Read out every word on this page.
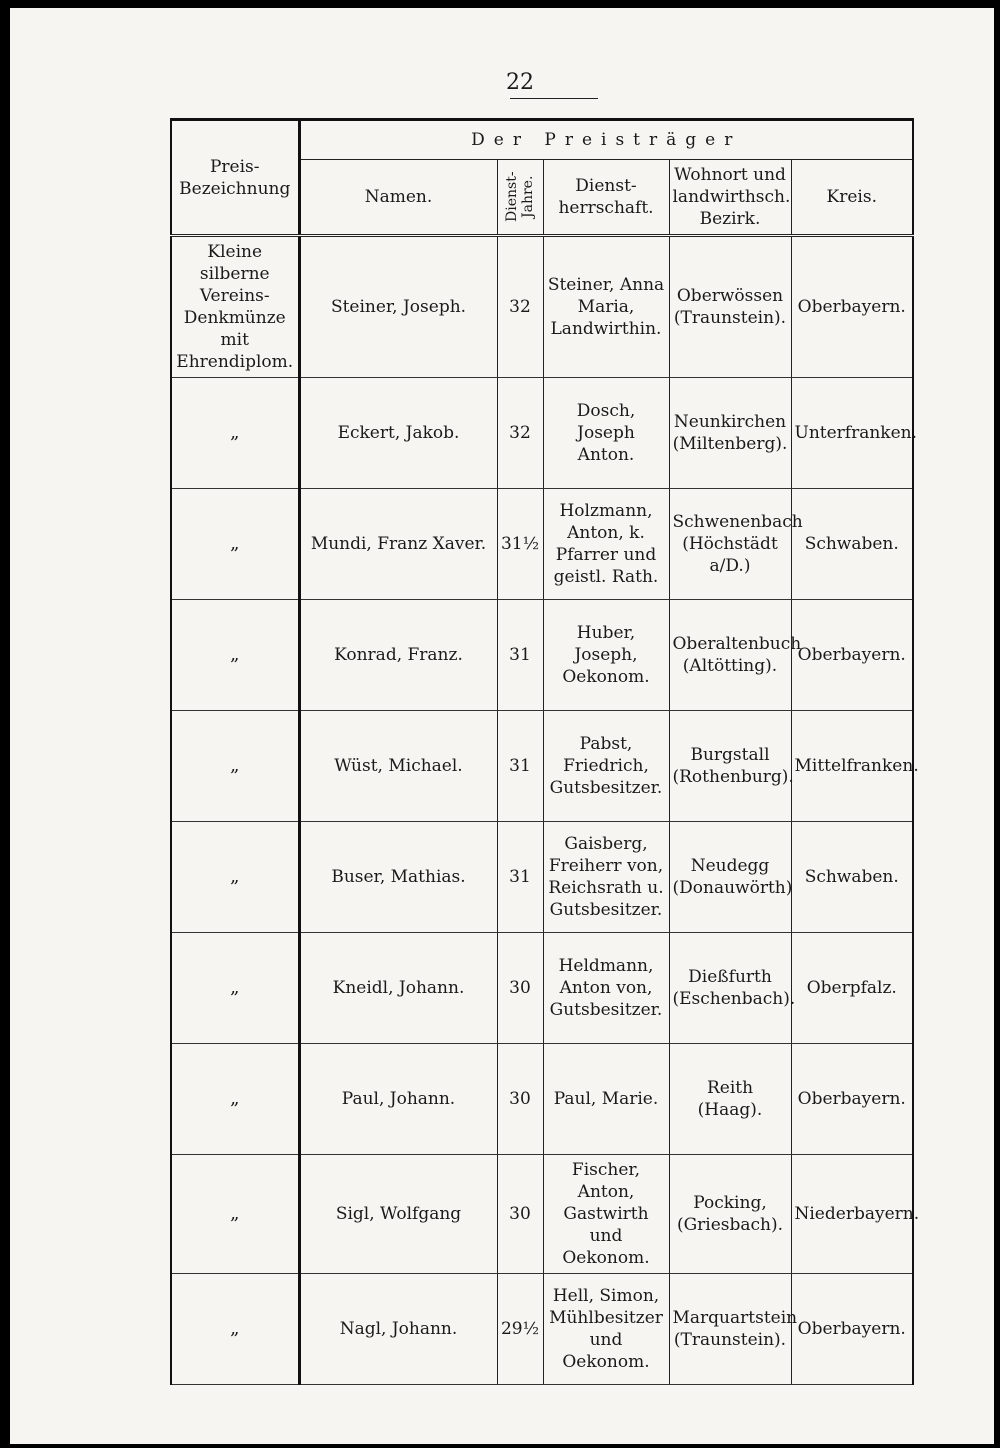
22
Preis-Bezeichnung	Der Preisträger				
	Namen.	Dienst-Jahre.	Dienst-herrschaft.	Wohnort und landwirthsch. Bezirk.	Kreis.
Kleine silberne Vereins-Denkmünze mit Ehrendiplom.	Steiner, Joseph.	32	Steiner, Anna Maria, Landwirthin.	Oberwössen (Traunstein).	Oberbayern.
„	Eckert, Jakob.	32	Dosch, Joseph Anton.	Neunkirchen (Miltenberg).	Unterfranken.
„	Mundi, Franz Xaver.	31½	Holzmann, Anton, k. Pfarrer und geistl. Rath.	Schwenenbach (Höchstädt a/D.)	Schwaben.
„	Konrad, Franz.	31	Huber, Joseph, Oekonom.	Oberaltenbuch (Altötting).	Oberbayern.
„	Wüst, Michael.	31	Pabst, Friedrich, Gutsbesitzer.	Burgstall (Rothenburg).	Mittelfranken.
„	Buser, Mathias.	31	Gaisberg, Freiherr von, Reichsrath u. Gutsbesitzer.	Neudegg (Donauwörth)	Schwaben.
„	Kneidl, Johann.	30	Heldmann, Anton von, Gutsbesitzer.	Dießfurth (Eschenbach).	Oberpfalz.
„	Paul, Johann.	30	Paul, Marie.	Reith (Haag).	Oberbayern.
„	Sigl, Wolfgang	30	Fischer, Anton, Gastwirth und Oekonom.	Pocking, (Griesbach).	Niederbayern.
„	Nagl, Johann.	29½	Hell, Simon, Mühlbesitzer und Oekonom.	Marquartstein (Traunstein).	Oberbayern.
